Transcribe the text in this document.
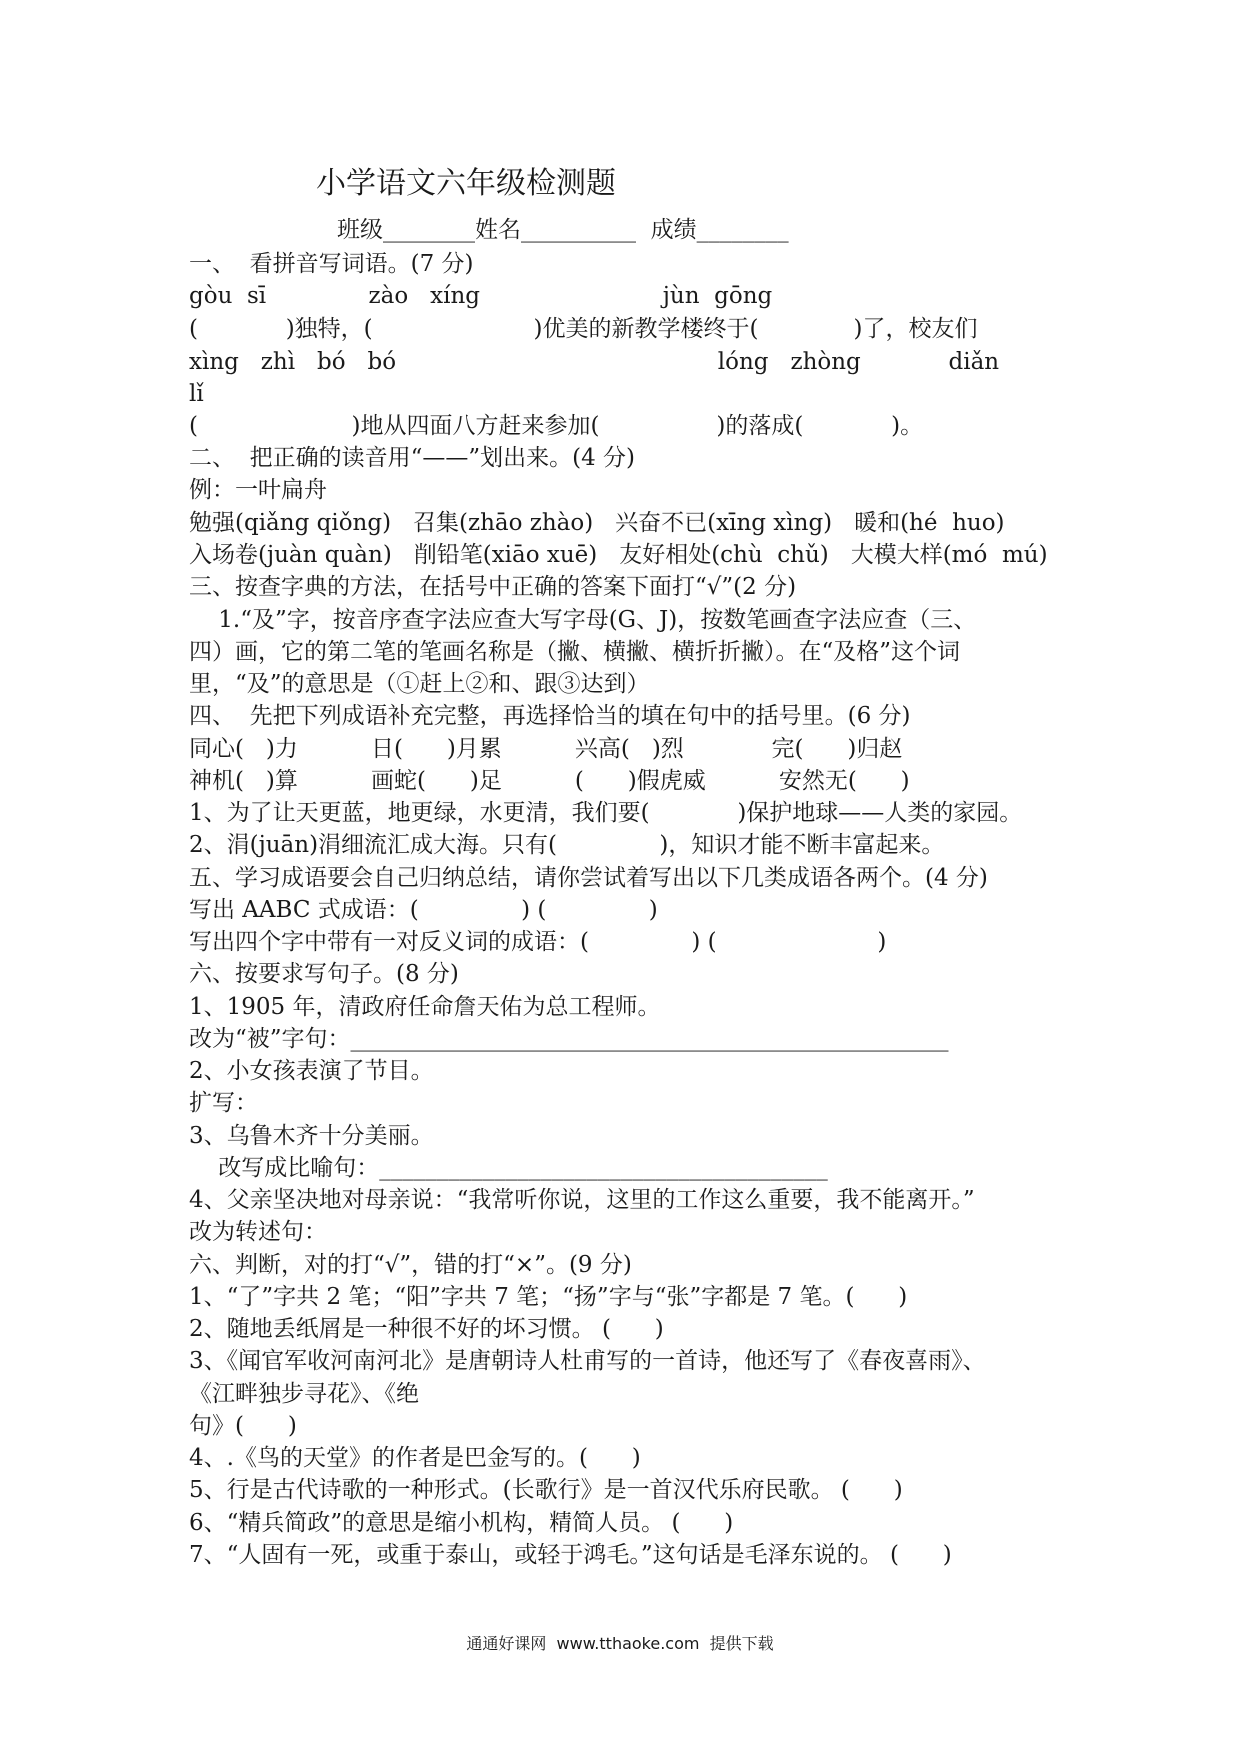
小学语文六年级检测题
班级________姓名__________  成绩________
一、  看拼音写词语。(7 分)
gòu  sī              zào   xíng                         jùn  gōng
(            )独特，(                      )优美的新教学楼终于(             )了，校友们
xìng   zhì   bó   bó                                            lóng   zhòng            diǎn
lǐ
(                     )地从四面八方赶来参加(                )的落成(            )。
二、  把正确的读音用“——”划出来。(4 分)
例：一叶扁舟
勉强(qiǎng qiǒng)   召集(zhāo zhào)   兴奋不已(xīng xìng)   暖和(hé  huo)
入场卷(juàn quàn)   削铅笔(xiāo xuē)   友好相处(chù  chǔ)   大模大样(mó  mú)
三、按查字典的方法，在括号中正确的答案下面打“√”(2 分)
1.“及”字，按音序查字法应查大写字母(G、J)，按数笔画查字法应查（三、
四）画，它的第二笔的笔画名称是（撇、横撇、横折折撇）。在“及格”这个词
里，“及”的意思是（①赶上②和、跟③达到）
四、  先把下列成语补充完整，再选择恰当的填在句中的括号里。(6 分)
同心(   )力          日(      )月累          兴高(   )烈            完(      )归赵
神机(   )算          画蛇(      )足          (      )假虎威          安然无(      )
1、为了让天更蓝，地更绿，水更清，我们要(            )保护地球——人类的家园。
2、涓(juān)涓细流汇成大海。只有(              )，知识才能不断丰富起来。
五、学习成语要会自己归纳总结，请你尝试着写出以下几类成语各两个。(4 分)
写出 AABC 式成语：(              ) (              )
写出四个字中带有一对反义词的成语：(              ) (                      )
六、按要求写句子。(8 分)
1、1905 年，清政府任命詹天佑为总工程师。
改为“被”字句：____________________________________________________
2、小女孩表演了节目。
扩写：
3、乌鲁木齐十分美丽。
改写成比喻句：_______________________________________
4、父亲坚决地对母亲说：“我常听你说，这里的工作这么重要，我不能离开。”
改为转述句：
六、判断，对的打“√”，错的打“×”。(9 分)
1、“了”字共 2 笔；“阳”字共 7 笔；“扬”字与“张”字都是 7 笔。(      )
2、随地丢纸屑是一种很不好的坏习惯。 (      )
3、《闻官军收河南河北》是唐朝诗人杜甫写的一首诗，他还写了《春夜喜雨》、
《江畔独步寻花》、《绝
句》(      )
4、.《鸟的天堂》的作者是巴金写的。(      )
5、行是古代诗歌的一种形式。(长歌行》是一首汉代乐府民歌。 (      )
6、“精兵简政”的意思是缩小机构，精简人员。 (      )
7、“人固有一死，或重于泰山，或轻于鸿毛。”这句话是毛泽东说的。 (      )
通通好课网  www.tthaoke.com  提供下载
